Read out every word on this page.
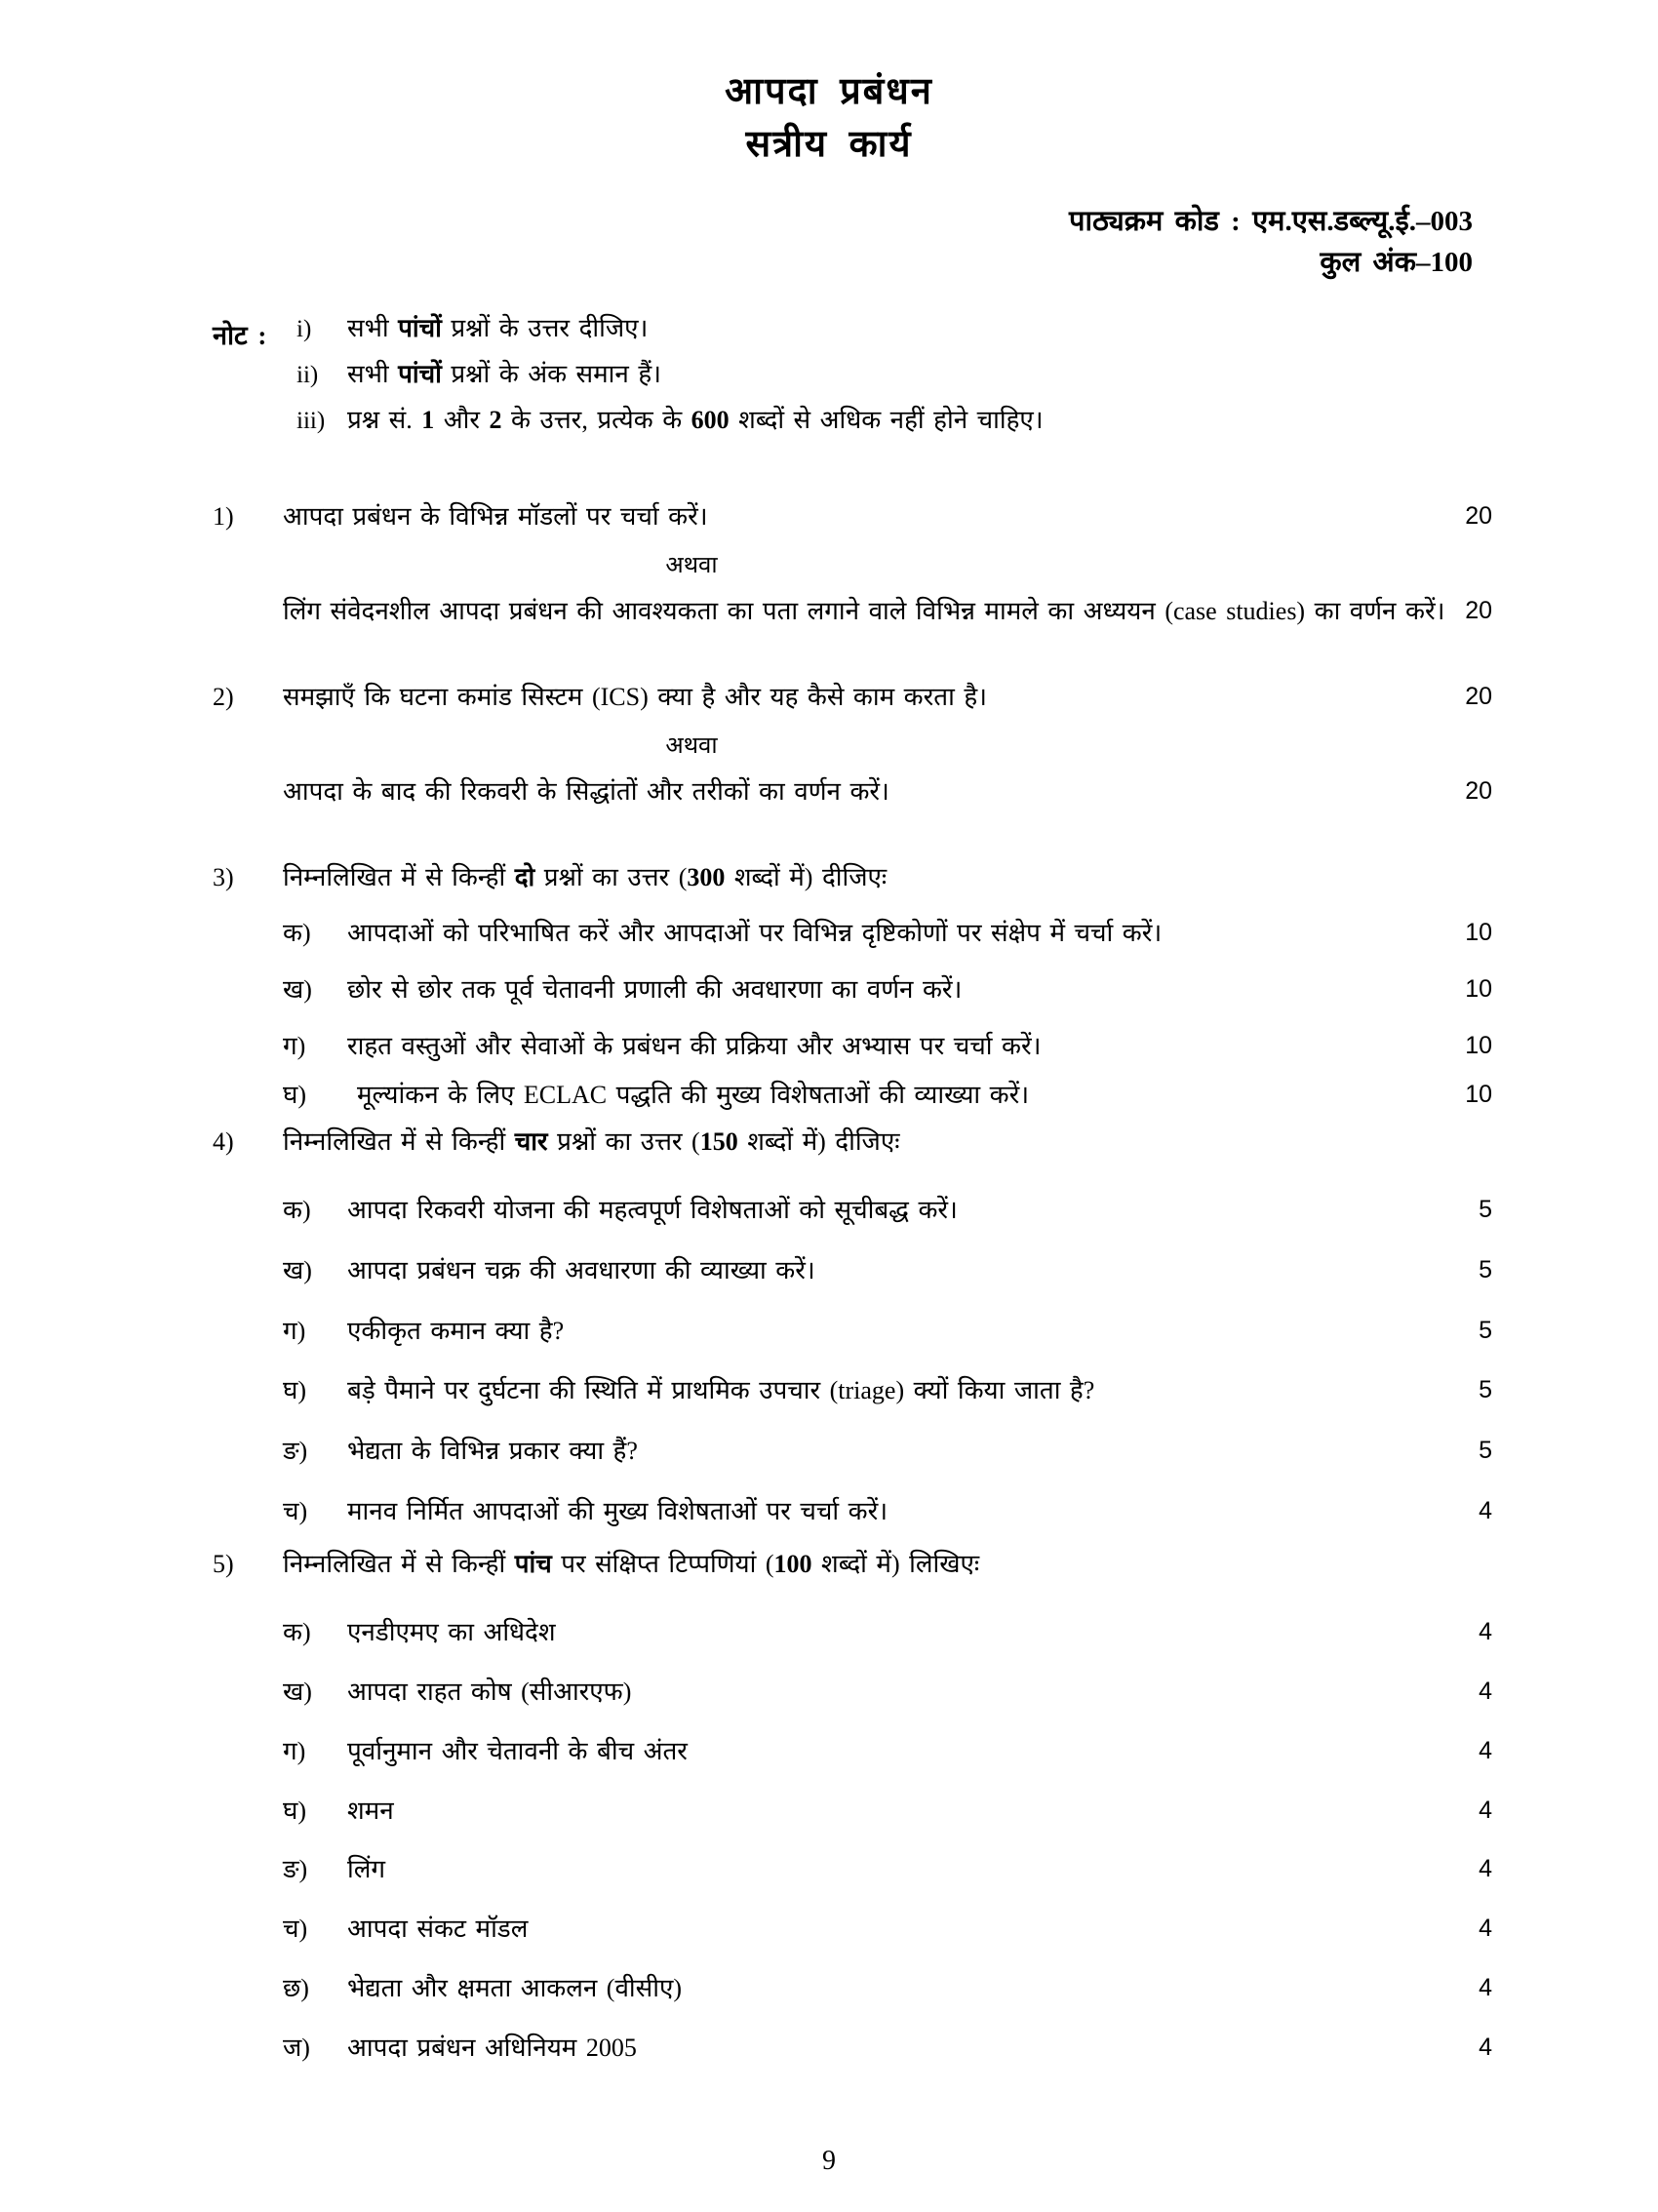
आपदा प्रबंधन
सत्रीय कार्य
पाठ्यक्रम कोड : एम.एस.डब्ल्यू.ई.–003
कुल अंक–100
नोट : i)	सभी पांचों प्रश्नों के उत्तर दीजिए।
ii)	सभी पांचों प्रश्नों के अंक समान हैं।
iii) प्रश्न सं. 1 और 2 के उत्तर, प्रत्येक के 600 शब्दों से अधिक नहीं होने चाहिए।
1)	आपदा प्रबंधन के विभिन्न मॉडलों पर चर्चा करें।	20
अथवा
लिंग संवेदनशील आपदा प्रबंधन की आवश्यकता का पता लगाने वाले विभिन्न मामले का अध्ययन (case studies) का वर्णन करें। 20
2)	समझाएँ कि घटना कमांड सिस्टम (ICS) क्या है और यह कैसे काम करता है।	20
अथवा
आपदा के बाद की रिकवरी के सिद्धांतों और तरीकों का वर्णन करें।	20
3)	निम्नलिखित में से किन्हीं दो प्रश्नों का उत्तर (300 शब्दों में) दीजिएः
क)	आपदाओं को परिभाषित करें और आपदाओं पर विभिन्न दृष्टिकोणों पर संक्षेप में चर्चा करें।	10
ख)	छोर से छोर तक पूर्व चेतावनी प्रणाली की अवधारणा का वर्णन करें।	10
ग)	राहत वस्तुओं और सेवाओं के प्रबंधन की प्रक्रिया और अभ्यास पर चर्चा करें।	10
घ)	मूल्यांकन के लिए ECLAC पद्धति की मुख्य विशेषताओं की व्याख्या करें।	10
4)	निम्नलिखित में से किन्हीं चार प्रश्नों का उत्तर (150 शब्दों में) दीजिएः
क)	आपदा रिकवरी योजना की महत्वपूर्ण विशेषताओं को सूचीबद्ध करें।	5
ख)	आपदा प्रबंधन चक्र की अवधारणा की व्याख्या करें।	5
ग)	एकीकृत कमान क्या है?	5
घ)	बड़े पैमाने पर दुर्घटना की स्थिति में प्राथमिक उपचार (triage) क्यों किया जाता है?	5
ङ)	भेद्यता के विभिन्न प्रकार क्या हैं?	5
च)	मानव निर्मित आपदाओं की मुख्य विशेषताओं पर चर्चा करें।	4
5)	निम्नलिखित में से किन्हीं पांच पर संक्षिप्त टिप्पणियां (100 शब्दों में) लिखिएः
क)	एनडीएमए का अधिदेश	4
ख)	आपदा राहत कोष (सीआरएफ)	4
ग)	पूर्वानुमान और चेतावनी के बीच अंतर	4
घ)	शमन	4
ङ)	लिंग	4
च)	आपदा संकट मॉडल	4
छ)	भेद्यता और क्षमता आकलन (वीसीए)	4
ज)	आपदा प्रबंधन अधिनियम 2005	4
9
